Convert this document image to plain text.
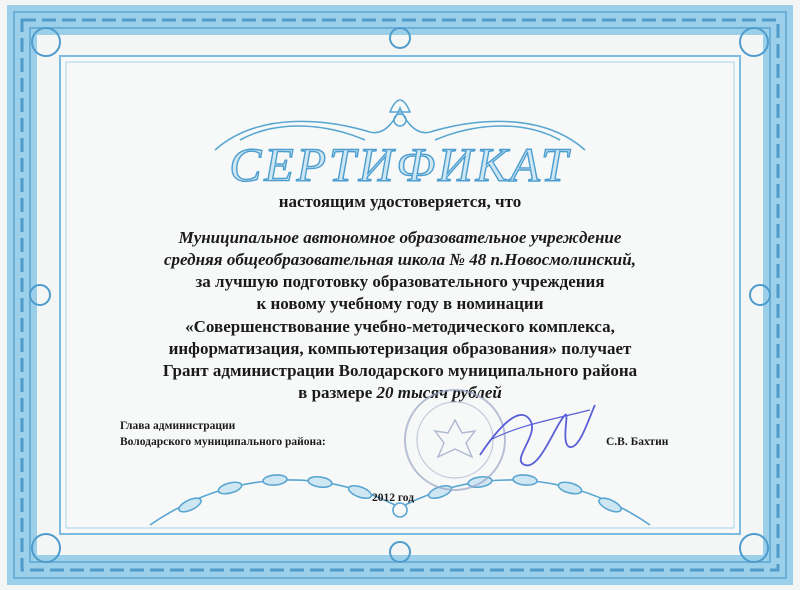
СЕРТИФИКАТ
настоящим удостоверяется, что
Муниципальное автономное образовательное учреждение
средняя общеобразовательная школа № 48 п.Новосмолинский,
за лучшую подготовку образовательного учреждения
к новому учебному году в номинации
«Совершенствование учебно-методического комплекса,
информатизация, компьютеризация образования» получает
Грант администрации Володарского муниципального района
в размере 20 тысяч рублей
Глава администрации
Володарского муниципального района:	С.В. Бахтин
2012 год
